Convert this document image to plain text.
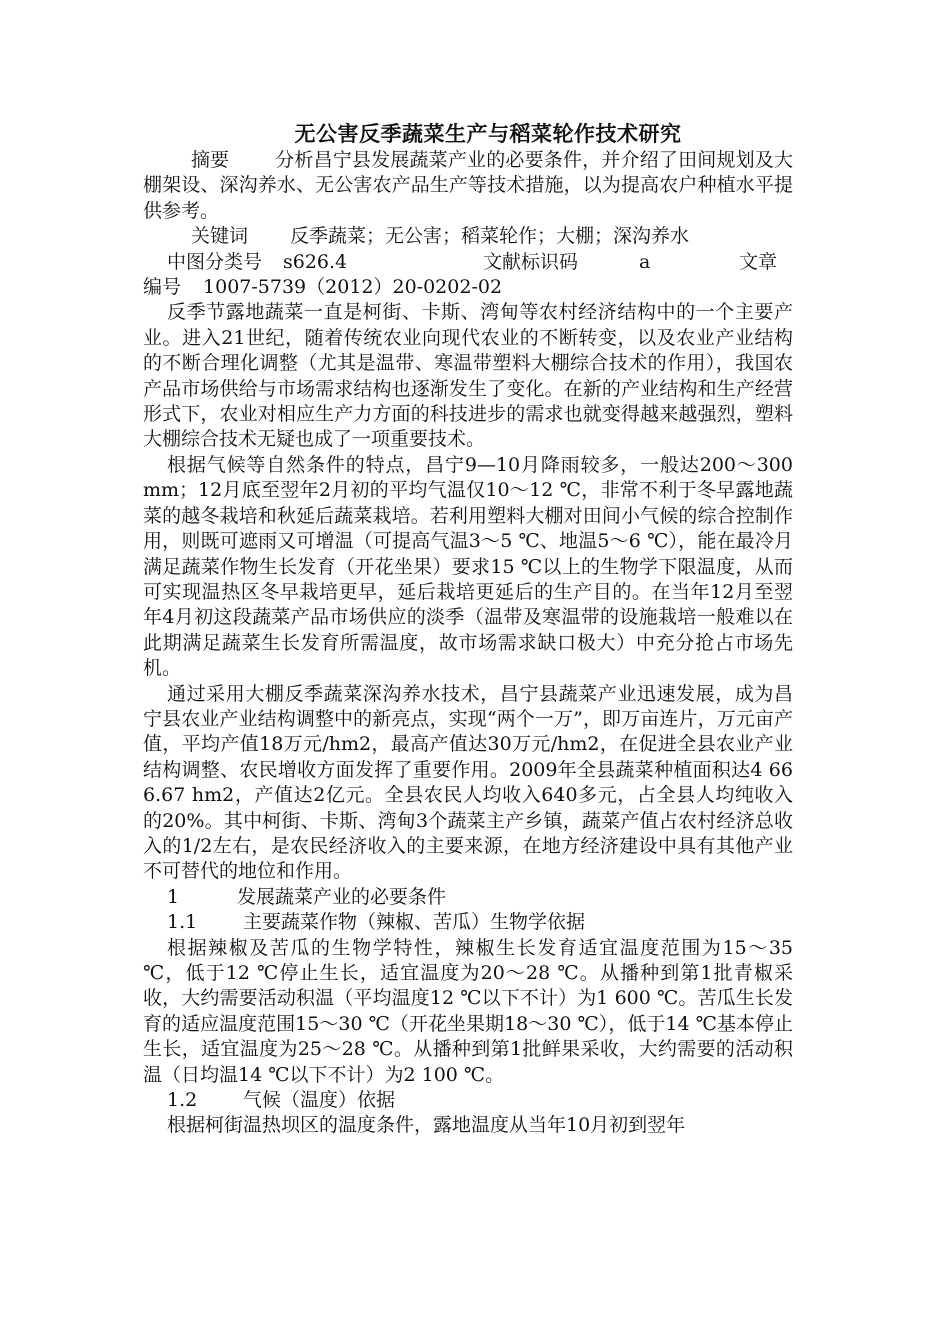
无公害反季蔬菜生产与稻菜轮作技术研究

摘要 分析昌宁县发展蔬菜产业的必要条件，并介绍了田间规划及大棚架设、深沟养水、无公害农产品生产等技术措施，以为提高农户种植水平提供参考。

关键词 反季蔬菜；无公害；稻菜轮作；大棚；深沟养水

中图分类号	s626.4	文献标识码	a	文章
编号 1007-5739（2012）20-0202-02

反季节露地蔬菜一直是柯街、卡斯、湾甸等农村经济结构中的一个主要产业。进入21世纪，随着传统农业向现代农业的不断转变，以及农业产业结构的不断合理化调整（尤其是温带、寒温带塑料大棚综合技术的作用），我国农产品市场供给与市场需求结构也逐渐发生了变化。在新的产业结构和生产经营形式下，农业对相应生产力方面的科技进步的需求也就变得越来越强烈，塑料大棚综合技术无疑也成了一项重要技术。

根据气候等自然条件的特点，昌宁9—10月降雨较多，一般达200～300 mm；12月底至翌年2月初的平均气温仅10～12 ℃，非常不利于冬早露地蔬菜的越冬栽培和秋延后蔬菜栽培。若利用塑料大棚对田间小气候的综合控制作用，则既可遮雨又可增温（可提高气温3～5 ℃、地温5～6 ℃），能在最冷月满足蔬菜作物生长发育（开花坐果）要求15 ℃以上的生物学下限温度，从而可实现温热区冬早栽培更早，延后栽培更延后的生产目的。在当年12月至翌年4月初这段蔬菜产品市场供应的淡季（温带及寒温带的设施栽培一般难以在此期满足蔬菜生长发育所需温度，故市场需求缺口极大）中充分抢占市场先机。

通过采用大棚反季蔬菜深沟养水技术，昌宁县蔬菜产业迅速发展，成为昌宁县农业产业结构调整中的新亮点，实现“两个一万”，即万亩连片，万元亩产值，平均产值18万元/hm2，最高产值达30万元/hm2，在促进全县农业产业结构调整、农民增收方面发挥了重要作用。2009年全县蔬菜种植面积达4 666.67 hm2，产值达2亿元。全县农民人均收入640多元，占全县人均纯收入的20%。其中柯街、卡斯、湾甸3个蔬菜主产乡镇，蔬菜产值占农村经济总收入的1/2左右，是农民经济收入的主要来源，在地方经济建设中具有其他产业不可替代的地位和作用。

1	发展蔬菜产业的必要条件
1.1 主要蔬菜作物（辣椒、苦瓜）生物学依据

根据辣椒及苦瓜的生物学特性，辣椒生长发育适宜温度范围为15～35 ℃，低于12 ℃停止生长，适宜温度为20～28 ℃。从播种到第1批青椒采收，大约需要活动积温（平均温度12 ℃以下不计）为1 600 ℃。苦瓜生长发育的适应温度范围15～30 ℃（开花坐果期18～30 ℃），低于14 ℃基本停止生长，适宜温度为25～28 ℃。从播种到第1批鲜果采收，大约需要的活动积温（日均温14 ℃以下不计）为2 100 ℃。

1.2 气候（温度）依据

根据柯街温热坝区的温度条件，露地温度从当年10月初到翌年
